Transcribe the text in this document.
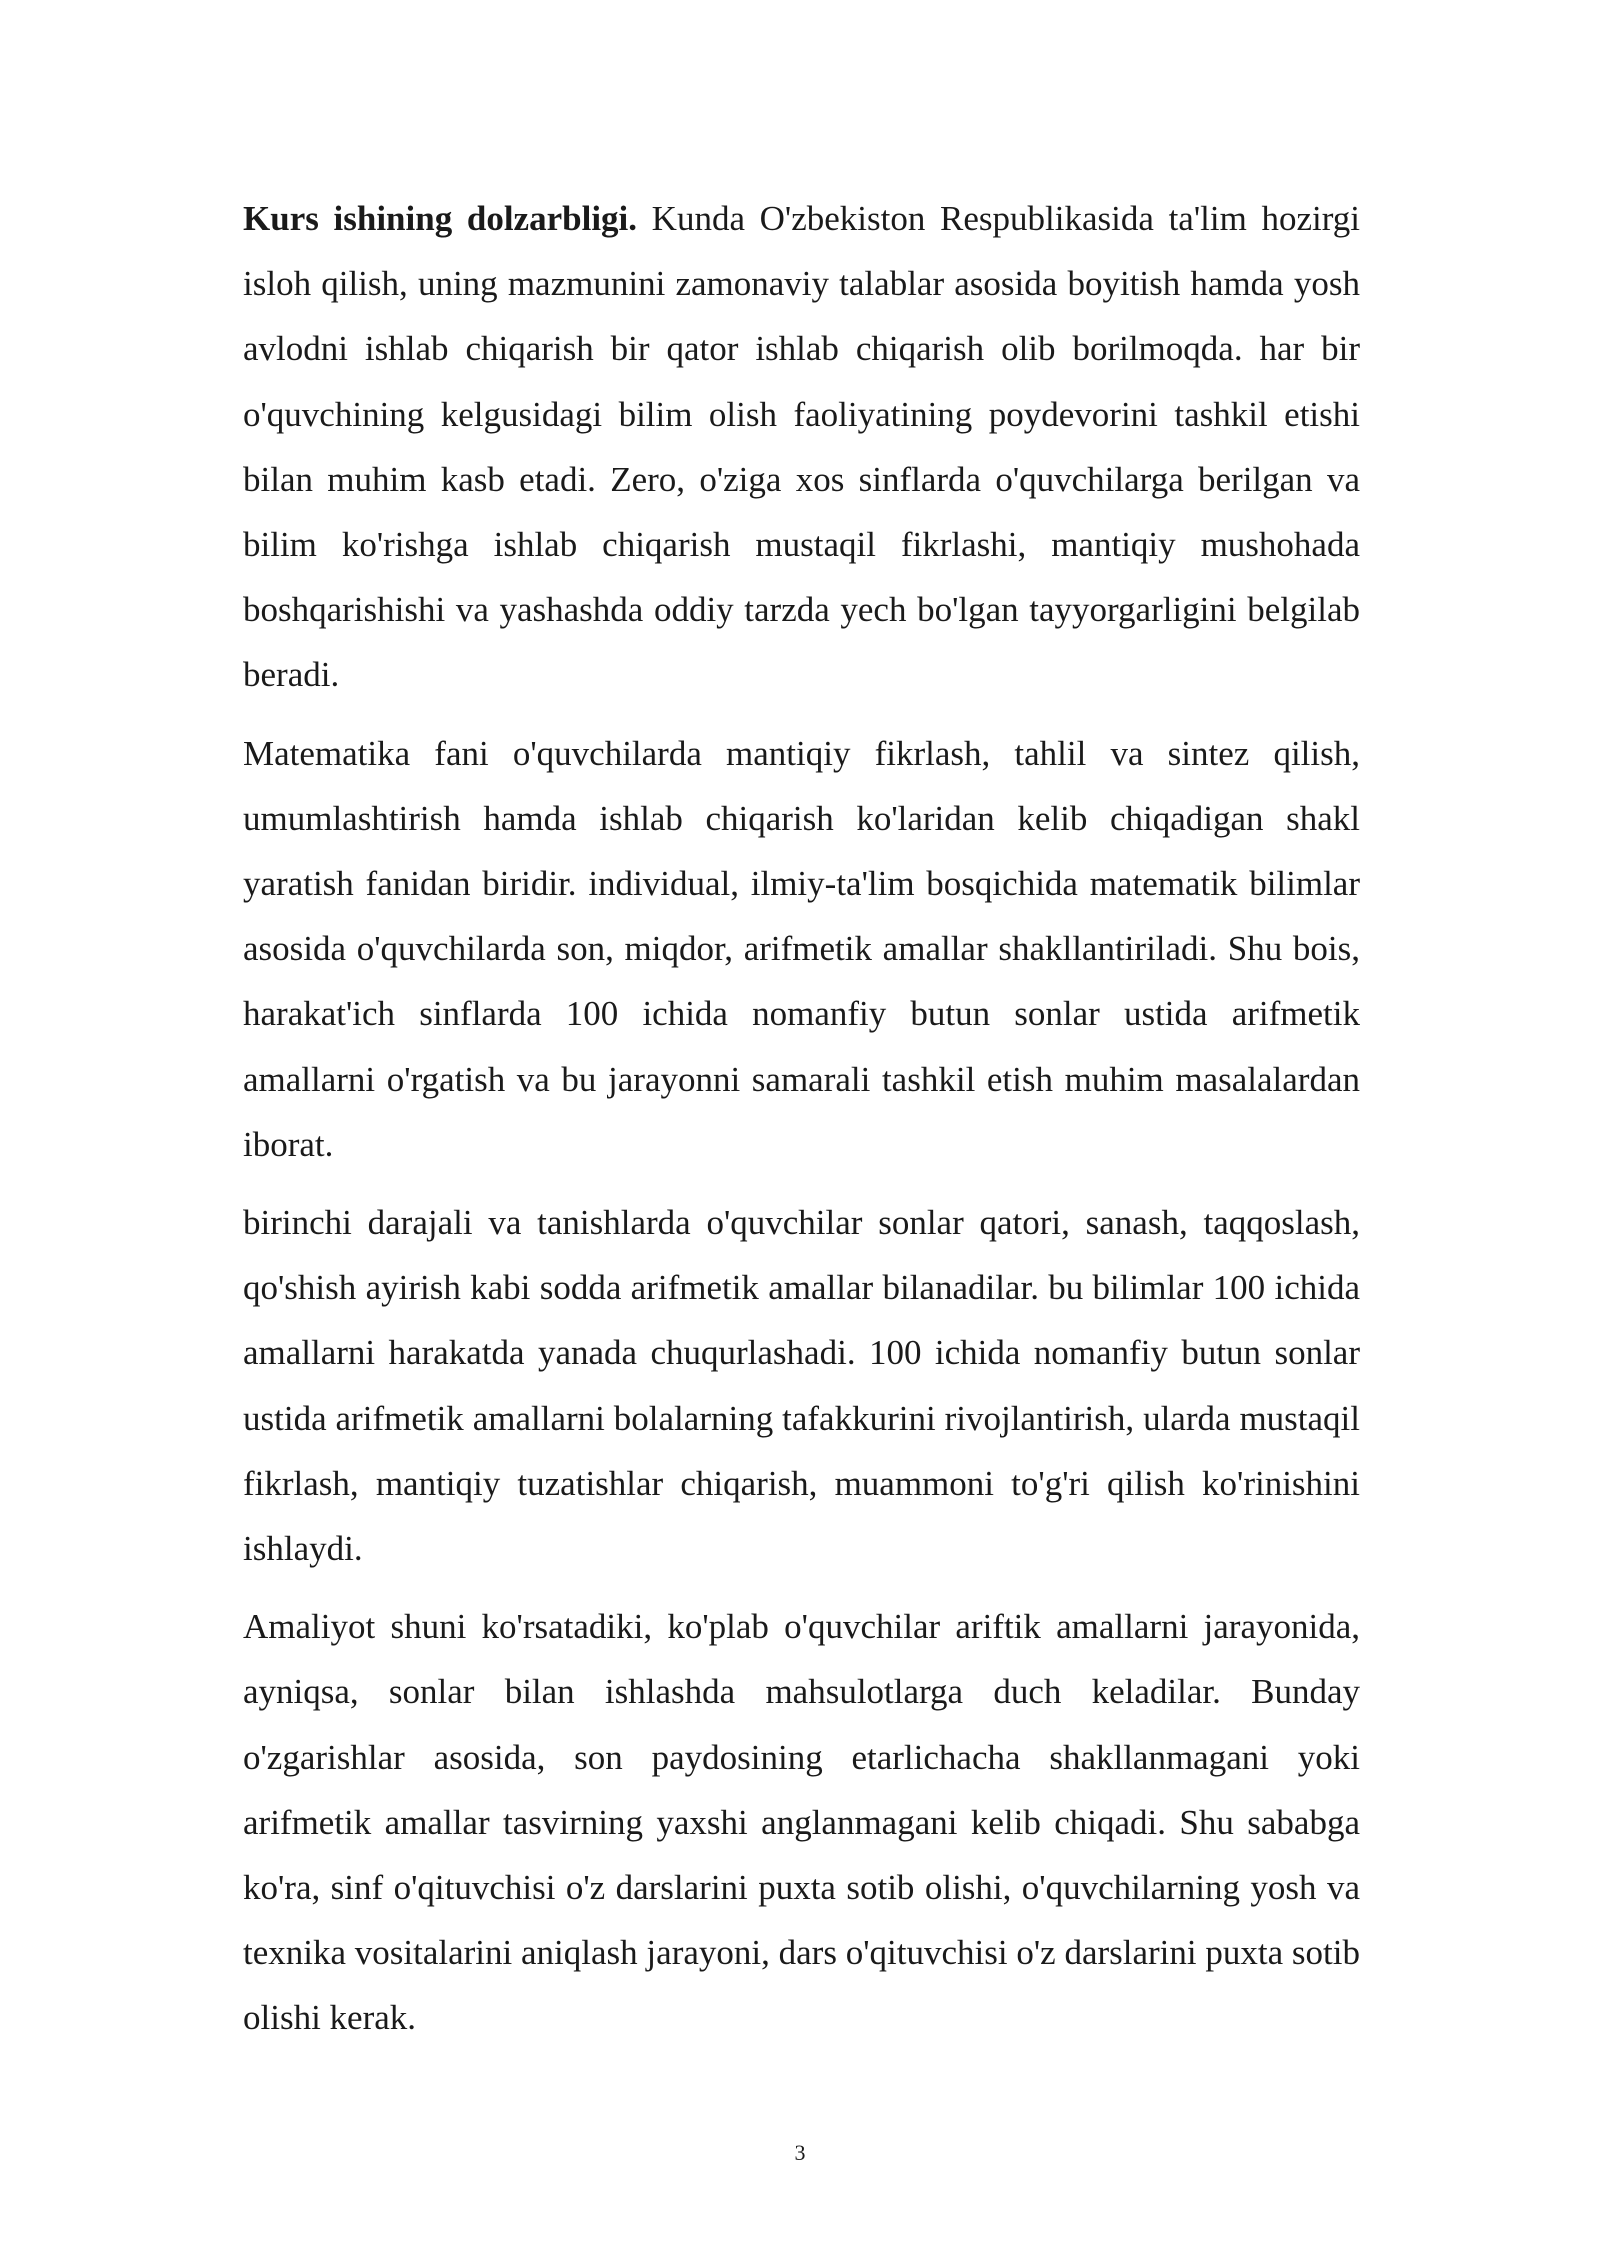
Kurs ishining dolzarbligi. Kunda O'zbekiston Respublikasida ta'lim hozirgi isloh qilish, uning mazmunini zamonaviy talablar asosida boyitish hamda yosh avlodni ishlab chiqarish bir qator ishlab chiqarish olib borilmoqda. har bir o'quvchining kelgusidagi bilim olish faoliyatining poydevorini tashkil etishi bilan muhim kasb etadi. Zero, o'ziga xos sinflarda o'quvchilarga berilgan va bilim ko'rishga ishlab chiqarish mustaqil fikrlashi, mantiqiy mushohada boshqarishishi va yashashda oddiy tarzda yech bo'lgan tayyorgarligini belgilab beradi.

Matematika fani o'quvchilarda mantiqiy fikrlash, tahlil va sintez qilish, umumlashtirish hamda ishlab chiqarish ko'laridan kelib chiqadigan shakl yaratish fanidan biridir. individual, ilmiy-ta'lim bosqichida matematik bilimlar asosida o'quvchilarda son, miqdor, arifmetik amallar shakllantiriladi. Shu bois, harakat'ich sinflarda 100 ichida nomanfiy butun sonlar ustida arifmetik amallarni o'rgatish va bu jarayonni samarali tashkil etish muhim masalalardan iborat.

birinchi darajali va tanishlarda o'quvchilar sonlar qatori, sanash, taqqoslash, qo'shish ayirish kabi sodda arifmetik amallar bilanadilar. bu bilimlar 100 ichida amallarni harakatda yanada chuqurlashadi. 100 ichida nomanfiy butun sonlar ustida arifmetik amallarni bolalarning tafakkurini rivojlantirish, ularda mustaqil fikrlash, mantiqiy tuzatishlar chiqarish, muammoni to'g'ri qilish ko'rinishini ishlaydi.

Amaliyot shuni ko'rsatadiki, ko'plab o'quvchilar ariftik amallarni jarayonida, ayniqsa, sonlar bilan ishlashda mahsulotlarga duch keladilar. Bunday o'zgarishlar asosida, son paydosining etarlichacha shakllanmagani yoki arifmetik amallar tasvirning yaxshi anglanmagani kelib chiqadi. Shu sababga ko'ra, sinf o'qituvchisi o'z darslarini puxta sotib olishi, o'quvchilarning yosh va texnika vositalarini aniqlash jarayoni, dars o'qituvchisi o'z darslarini puxta sotib olishi kerak.

3
